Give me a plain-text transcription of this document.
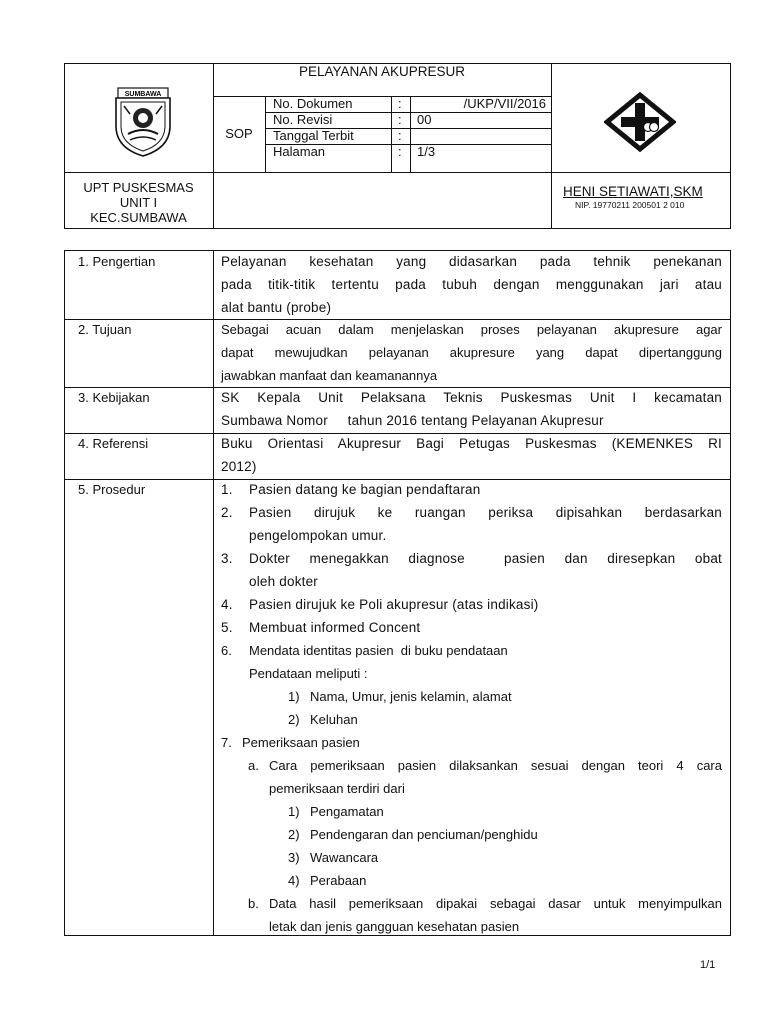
SUMBAWA
PELAYANAN AKUPRESUR
SOP
No. Dokumen	:	/UKP/VII/2016
No. Revisi	: 00
Tanggal Terbit	:
Halaman	: 1/3
UPT PUSKESMAS
UNIT I
KEC.SUMBAWA
HENI SETIAWATI,SKM
NIP. 19770211 200501 2 010
1. Pengertian	Pelayanan kesehatan yang didasarkan pada tehnik penekanan
pada titik-titik tertentu pada tubuh dengan menggunakan jari atau
alat bantu (probe)
2. Tujuan	Sebagai acuan dalam menjelaskan proses pelayanan akupresure agar
dapat mewujudkan pelayanan akupresure yang dapat dipertanggung
jawabkan manfaat dan keamanannya
3. Kebijakan	SK Kepala Unit Pelaksana Teknis Puskesmas Unit I kecamatan
Sumbawa Nomor     tahun 2016 tentang Pelayanan Akupresur
4. Referensi	Buku Orientasi Akupresur Bagi Petugas Puskesmas (KEMENKES RI
2012)
5. Prosedur	1. Pasien datang ke bagian pendaftaran
2.	Pasien dirujuk ke ruangan periksa dipisahkan berdasarkan
pengelompokan umur.
3.	Dokter menegakkan diagnose  pasien dan diresepkan obat
oleh dokter
4. Pasien dirujuk ke Poli akupresur (atas indikasi)
5. Membuat informed Concent
6. Mendata identitas pasien  di buku pendataan
Pendataan meliputi :
1) Nama, Umur, jenis kelamin, alamat
2) Keluhan
7. Pemeriksaan pasien
a. Cara pemeriksaan pasien dilaksankan sesuai dengan teori 4 cara
pemeriksaan terdiri dari
1) Pengamatan
2) Pendengaran dan penciuman/penghidu
3) Wawancara
4) Perabaan
b. Data hasil pemeriksaan dipakai sebagai dasar untuk menyimpulkan
letak dan jenis gangguan kesehatan pasien
1/1
